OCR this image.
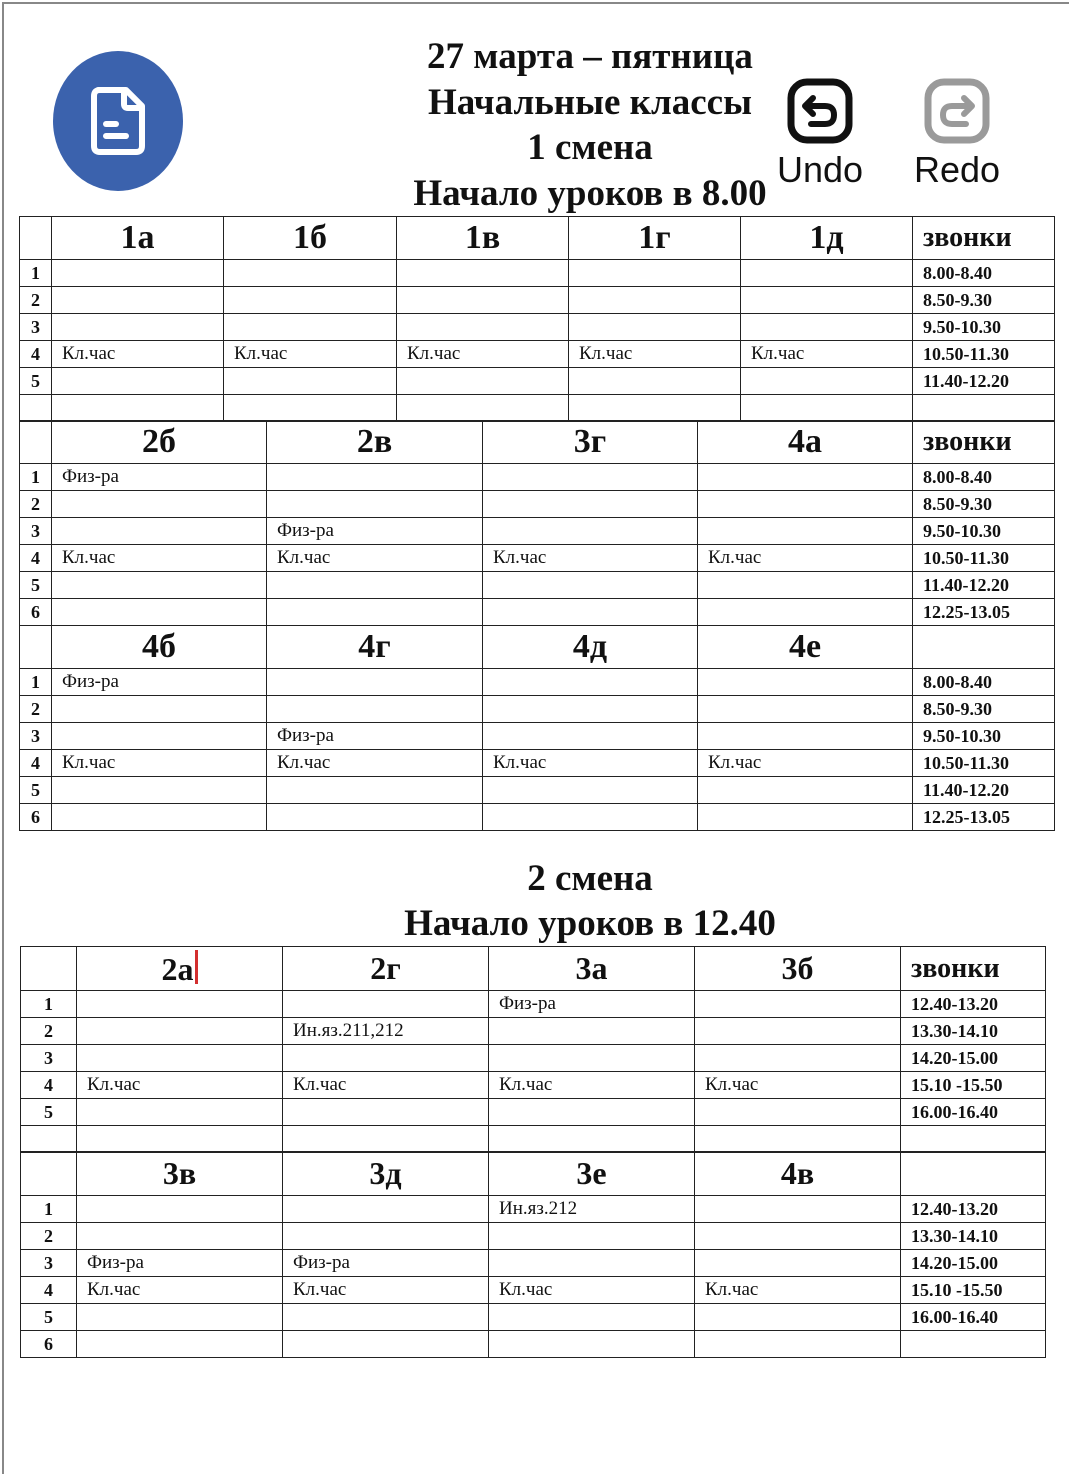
27 марта – пятница
Начальные классы
1 смена
Начало уроков в 8.00
Undo Redo
	1а	1б	1в	1г	1д	звонки
1						8.00-8.40
2						8.50-9.30
3						9.50-10.30
4	Кл.час	Кл.час	Кл.час	Кл.час	Кл.час	10.50-11.30
5						11.40-12.20

	2б	2в	3г	4а	звонки
1	Физ-ра				8.00-8.40
2					8.50-9.30
3		Физ-ра			9.50-10.30
4	Кл.час	Кл.час	Кл.час	Кл.час	10.50-11.30
5					11.40-12.20
6					12.25-13.05
	4б	4г	4д	4е	
1	Физ-ра				8.00-8.40
2					8.50-9.30
3		Физ-ра			9.50-10.30
4	Кл.час	Кл.час	Кл.час	Кл.час	10.50-11.30
5					11.40-12.20
6					12.25-13.05
2 смена
Начало уроков в 12.40
	2а	2г	3а	3б	звонки
1			Физ-ра		12.40-13.20
2		Ин.яз.211,212			13.30-14.10
3					14.20-15.00
4	Кл.час	Кл.час	Кл.час	Кл.час	15.10 -15.50
5					16.00-16.40

	3в	3д	3е	4в	
1			Ин.яз.212		12.40-13.20
2					13.30-14.10
3	Физ-ра	Физ-ра			14.20-15.00
4	Кл.час	Кл.час	Кл.час	Кл.час	15.10 -15.50
5					16.00-16.40
6					
